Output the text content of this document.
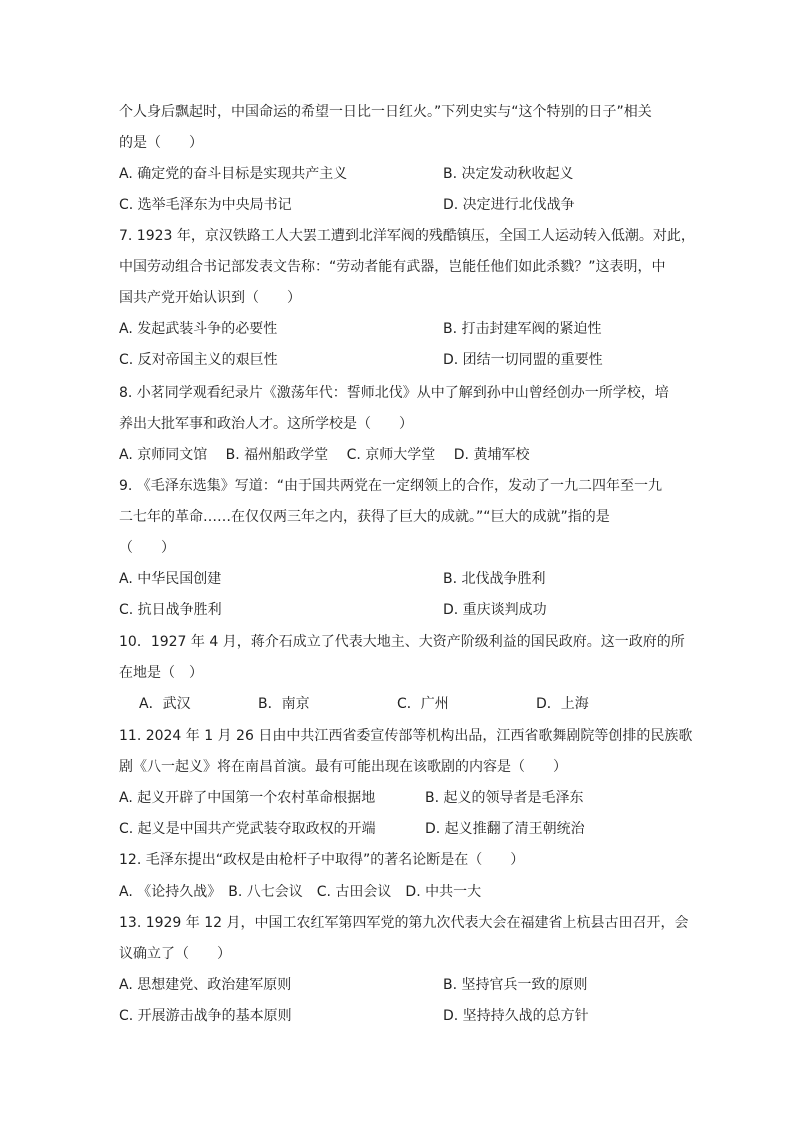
个人身后飘起时，中国命运的希望一日比一日红火。”下列史实与“这个特别的日子”相关
的是（　　）
A. 确定党的奋斗目标是实现共产主义	B. 决定发动秋收起义
C. 选举毛泽东为中央局书记	D. 决定进行北伐战争
7. 1923 年，京汉铁路工人大罢工遭到北洋军阀的残酷镇压，全国工人运动转入低潮。对此，
中国劳动组合书记部发表文告称：“劳动者能有武器，岂能任他们如此杀戮？”这表明，中
国共产党开始认识到（　　）
A. 发起武装斗争的必要性	B. 打击封建军阀的紧迫性
C. 反对帝国主义的艰巨性	D. 团结一切同盟的重要性
8. 小茗同学观看纪录片《激荡年代：誓师北伐》从中了解到孙中山曾经创办一所学校，培
养出大批军事和政治人才。这所学校是（　　）
A. 京师同文馆　 B. 福州船政学堂　 C. 京师大学堂　 D. 黄埔军校
9. 《毛泽东选集》写道：“由于国共两党在一定纲领上的合作，发动了一九二四年至一九
二七年的革命……在仅仅两三年之内，获得了巨大的成就。”“巨大的成就”指的是
（　　）
A. 中华民国创建	B. 北伐战争胜利
C. 抗日战争胜利	D. 重庆谈判成功
10．1927 年 4 月，蒋介石成立了代表大地主、大资产阶级利益的国民政府。这一政府的所
在地是（　）
A．武汉	B．南京	C．广州	D．上海
11. 2024 年 1 月 26 日由中共江西省委宣传部等机构出品，江西省歌舞剧院等创排的民族歌
剧《八一起义》将在南昌首演。最有可能出现在该歌剧的内容是（　　）
A. 起义开辟了中国第一个农村革命根据地	B. 起义的领导者是毛泽东
C. 起义是中国共产党武装夺取政权的开端	D. 起义推翻了清王朝统治
12. 毛泽东提出“政权是由枪杆子中取得”的著名论断是在（　　）
A. 《论持久战》　B. 八七会议　C. 古田会议　D. 中共一大
13. 1929 年 12 月，中国工农红军第四军党的第九次代表大会在福建省上杭县古田召开，会
议确立了（　　）
A. 思想建党、政治建军原则	B. 坚持官兵一致的原则
C. 开展游击战争的基本原则	D. 坚持持久战的总方针
